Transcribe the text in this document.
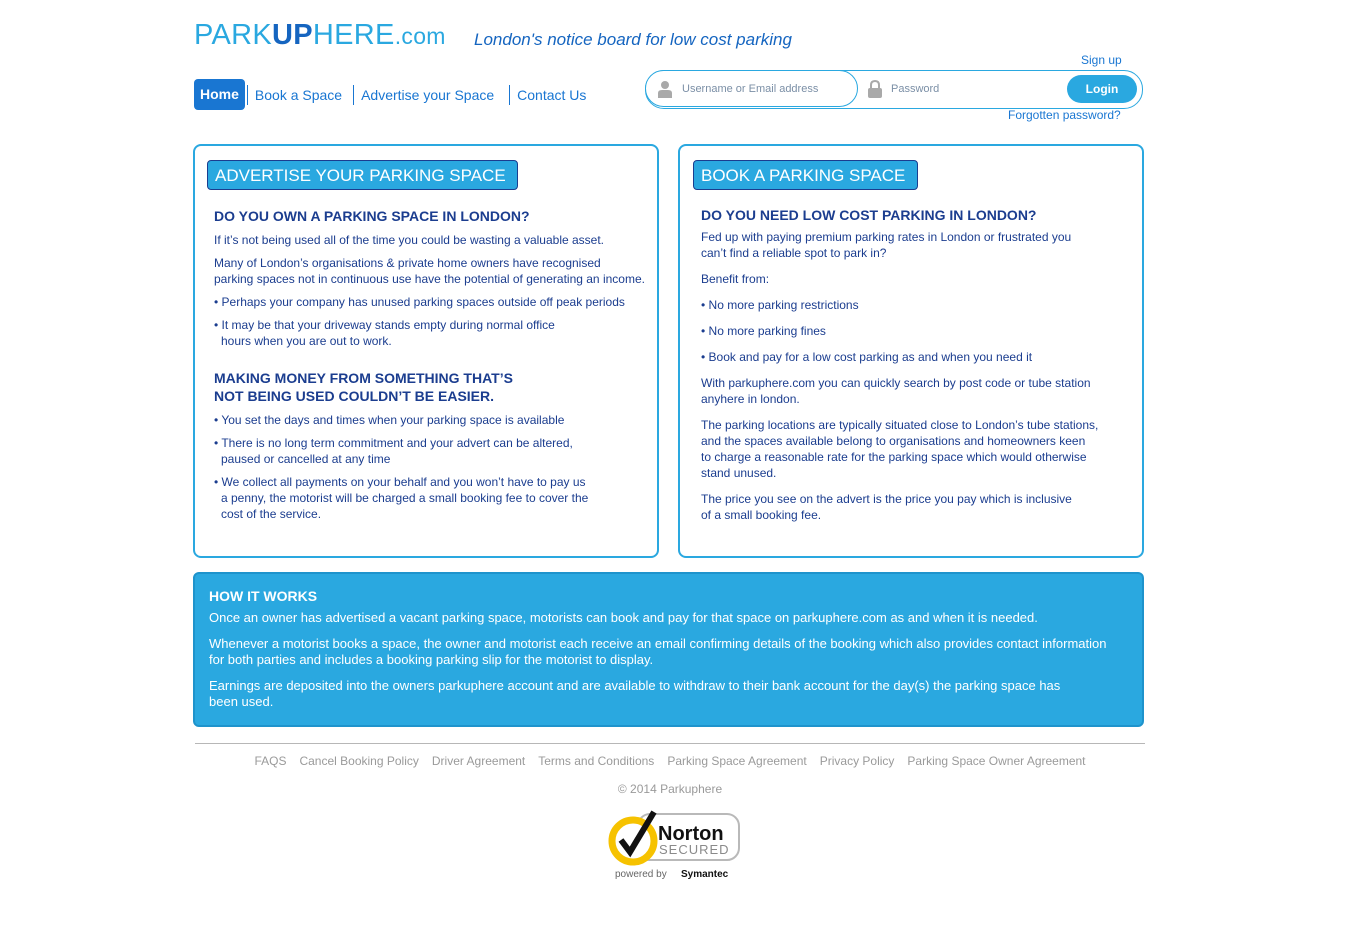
PARKUPHERE.com London's notice board for low cost parking
Home	Book a Space	Advertise your Space	Contact Us
Sign up
Username or Email address	Password	Login
Forgotten password?
ADVERTISE YOUR PARKING SPACE
DO YOU OWN A PARKING SPACE IN LONDON?
If it’s not being used all of the time you could be wasting a valuable asset.
Many of London’s organisations & private home owners have recognised
parking spaces not in continuous use have the potential of generating an income.
• Perhaps your company has unused parking spaces outside off peak periods
• It may be that your driveway stands empty during normal office
hours when you are out to work.
MAKING MONEY FROM SOMETHING THAT’S
NOT BEING USED COULDN’T BE EASIER.
• You set the days and times when your parking space is available
• There is no long term commitment and your advert can be altered,
paused or cancelled at any time
• We collect all payments on your behalf and you won’t have to pay us
a penny, the motorist will be charged a small booking fee to cover the
cost of the service.
BOOK A PARKING SPACE
DO YOU NEED LOW COST PARKING IN LONDON?
Fed up with paying premium parking rates in London or frustrated you
can’t find a reliable spot to park in?
Benefit from:
• No more parking restrictions
• No more parking fines
• Book and pay for a low cost parking as and when you need it
With parkuphere.com you can quickly search by post code or tube station
anyhere in london.
The parking locations are typically situated close to London’s tube stations,
and the spaces available belong to organisations and homeowners keen
to charge a reasonable rate for the parking space which would otherwise
stand unused.
The price you see on the advert is the price you pay which is inclusive
of a small booking fee.
HOW IT WORKS
Once an owner has advertised a vacant parking space, motorists can book and pay for that space on parkuphere.com as and when it is needed.
Whenever a motorist books a space, the owner and motorist each receive an email confirming details of the booking which also provides contact information
for both parties and includes a booking parking slip for the motorist to display.
Earnings are deposited into the owners parkuphere account and are available to withdraw to their bank account for the day(s) the parking space has
been used.
FAQS Cancel Booking Policy Driver Agreement Terms and Conditions Parking Space Agreement Privacy Policy Parking Space Owner Agreement
© 2014 Parkuphere
Norton
SECURED
powered by Symantec
